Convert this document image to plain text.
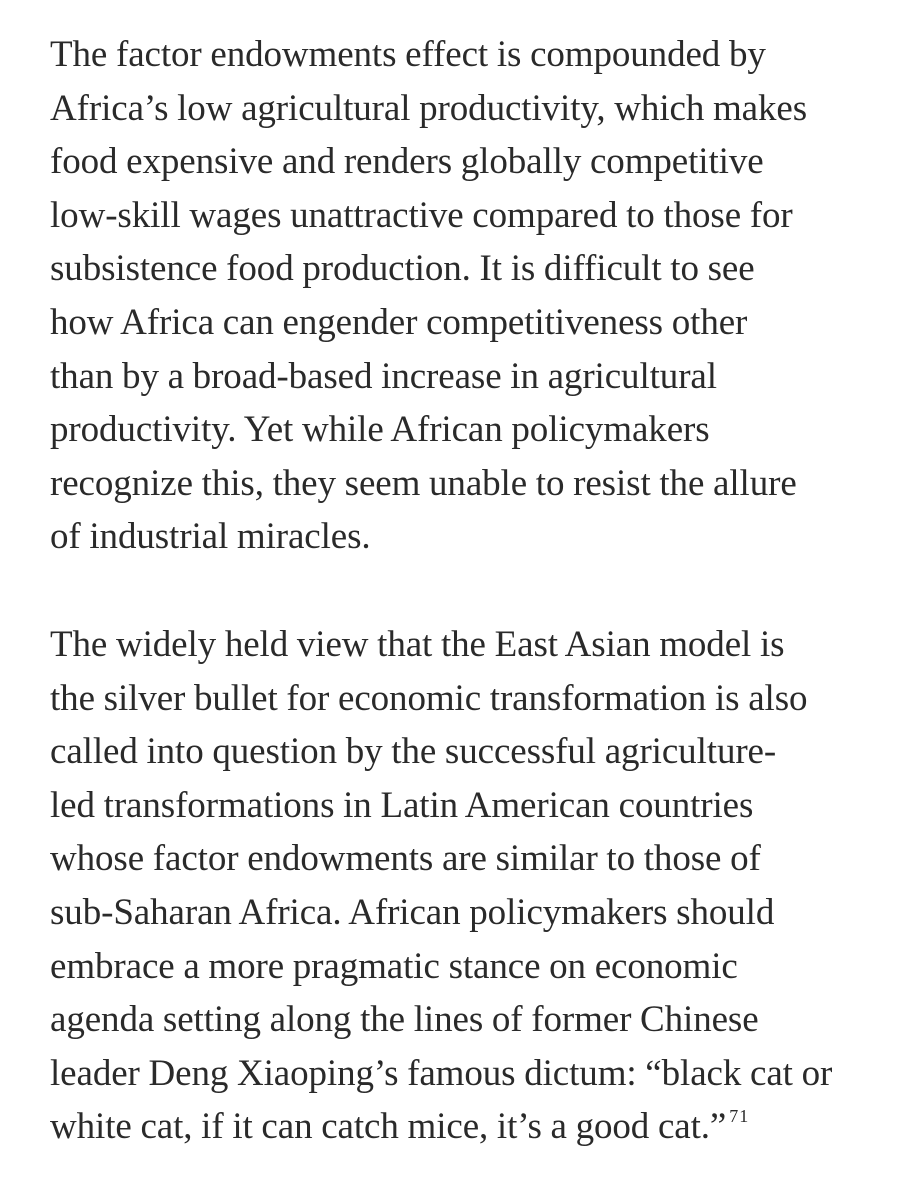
The factor endowments effect is compounded by
Africa’s low agricultural productivity, which makes
food expensive and renders globally competitive
low-skill wages unattractive compared to those for
subsistence food production. It is difficult to see
how Africa can engender competitiveness other
than by a broad-based increase in agricultural
productivity. Yet while African policymakers
recognize this, they seem unable to resist the allure
of industrial miracles.

The widely held view that the East Asian model is
the silver bullet for economic transformation is also
called into question by the successful agriculture-
led transformations in Latin American countries
whose factor endowments are similar to those of
sub-Saharan Africa. African policymakers should
embrace a more pragmatic stance on economic
agenda setting along the lines of former Chinese
leader Deng Xiaoping’s famous dictum: “black cat or
white cat, if it can catch mice, it’s a good cat.” $^{71}$
